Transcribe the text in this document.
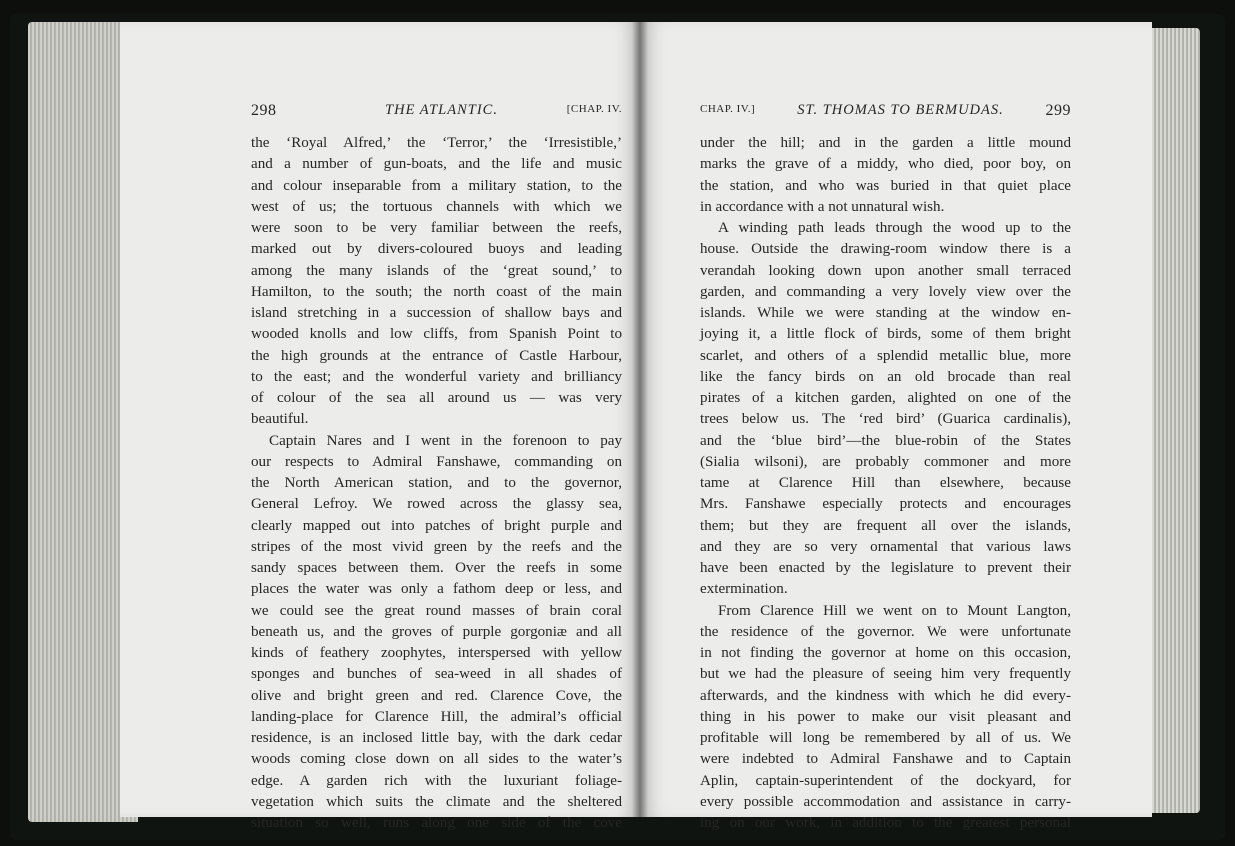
298	THE ATLANTIC.	[CHAP. IV.
the ‘Royal Alfred,’ the ‘Terror,’ the ‘Irresistible,’
and a number of gun-boats, and the life and music
and colour inseparable from a military station, to the
west of us; the tortuous channels with which we
were soon to be very familiar between the reefs,
marked out by divers-coloured buoys and leading
among the many islands of the ‘great sound,’ to
Hamilton, to the south; the north coast of the main
island stretching in a succession of shallow bays and
wooded knolls and low cliffs, from Spanish Point to
the high grounds at the entrance of Castle Harbour,
to the east; and the wonderful variety and brilliancy
of colour of the sea all around us — was very
beautiful.
Captain Nares and I went in the forenoon to pay
our respects to Admiral Fanshawe, commanding on
the North American station, and to the governor,
General Lefroy. We rowed across the glassy sea,
clearly mapped out into patches of bright purple and
stripes of the most vivid green by the reefs and the
sandy spaces between them. Over the reefs in some
places the water was only a fathom deep or less, and
we could see the great round masses of brain coral
beneath us, and the groves of purple gorgoniæ and all
kinds of feathery zoophytes, interspersed with yellow
sponges and bunches of sea-weed in all shades of
olive and bright green and red. Clarence Cove, the
landing-place for Clarence Hill, the admiral’s official
residence, is an inclosed little bay, with the dark cedar
woods coming close down on all sides to the water’s
edge. A garden rich with the luxuriant foliage-
vegetation which suits the climate and the sheltered
situation so well, runs along one side of the cove
CHAP. IV.]	ST. THOMAS TO BERMUDAS.	299
under the hill; and in the garden a little mound
marks the grave of a middy, who died, poor boy, on
the station, and who was buried in that quiet place
in accordance with a not unnatural wish.
A winding path leads through the wood up to the
house. Outside the drawing-room window there is a
verandah looking down upon another small terraced
garden, and commanding a very lovely view over the
islands. While we were standing at the window en-
joying it, a little flock of birds, some of them bright
scarlet, and others of a splendid metallic blue, more
like the fancy birds on an old brocade than real
pirates of a kitchen garden, alighted on one of the
trees below us. The ‘red bird’ (Guarica cardinalis),
and the ‘blue bird’—the blue-robin of the States
(Sialia wilsoni), are probably commoner and more
tame at Clarence Hill than elsewhere, because
Mrs. Fanshawe especially protects and encourages
them; but they are frequent all over the islands,
and they are so very ornamental that various laws
have been enacted by the legislature to prevent their
extermination.
From Clarence Hill we went on to Mount Langton,
the residence of the governor. We were unfortunate
in not finding the governor at home on this occasion,
but we had the pleasure of seeing him very frequently
afterwards, and the kindness with which he did every-
thing in his power to make our visit pleasant and
profitable will long be remembered by all of us. We
were indebted to Admiral Fanshawe and to Captain
Aplin, captain-superintendent of the dockyard, for
every possible accommodation and assistance in carry-
ing on our work, in addition to the greatest personal
